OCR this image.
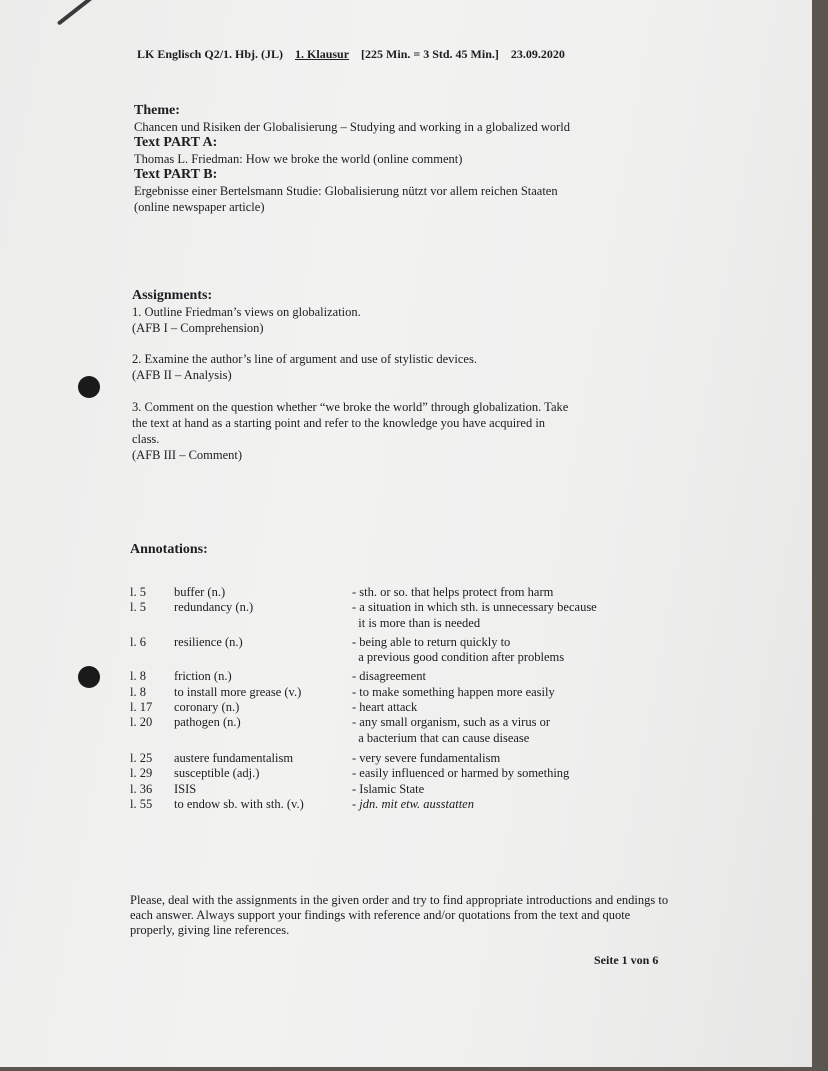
LK Englisch Q2/1. Hbj. (JL) 1. Klausur [225 Min. = 3 Std. 45 Min.] 23.09.2020
Theme:
Chancen und Risiken der Globalisierung – Studying and working in a globalized world
Text PART A:
Thomas L. Friedman: How we broke the world (online comment)
Text PART B:
Ergebnisse einer Bertelsmann Studie: Globalisierung nützt vor allem reichen Staaten
(online newspaper article)
Assignments:
1. Outline Friedman’s views on globalization.
(AFB I – Comprehension)
2. Examine the author’s line of argument and use of stylistic devices.
(AFB II – Analysis)
3. Comment on the question whether “we broke the world” through globalization. Take
the text at hand as a starting point and refer to the knowledge you have acquired in
class.
(AFB III – Comment)
Annotations:
l. 5 buffer (n.)	- sth. or so. that helps protect from harm
l. 5 redundancy (n.)	- a situation in which sth. is unnecessary because
it is more than is needed
l. 6 resilience (n.)	- being able to return quickly to
a previous good condition after problems
l. 8 friction (n.)	- disagreement
l. 8 to install more grease (v.)	- to make something happen more easily
l. 17 coronary (n.)	- heart attack
l. 20 pathogen (n.)	- any small organism, such as a virus or
a bacterium that can cause disease
l. 25 austere fundamentalism	- very severe fundamentalism
l. 29 susceptible (adj.)	- easily influenced or harmed by something
l. 36 ISIS	- Islamic State
l. 55 to endow sb. with sth. (v.)	- jdn. mit etw. ausstatten
Please, deal with the assignments in the given order and try to find appropriate introductions and endings to each answer. Always support your findings with reference and/or quotations from the text and quote properly, giving line references.
Seite 1 von 6
